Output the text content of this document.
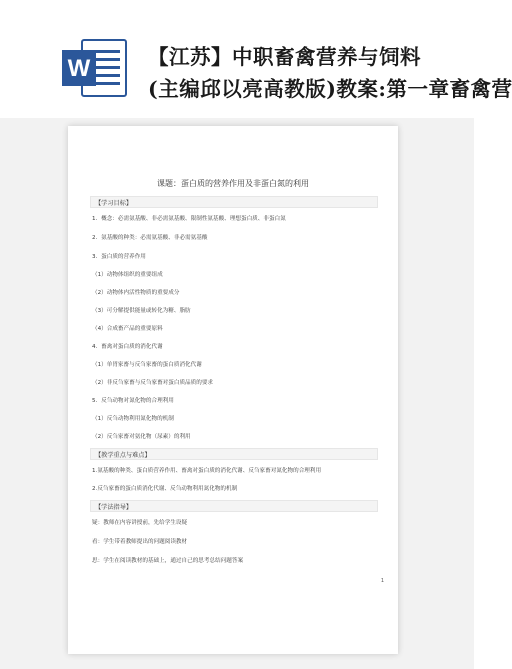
W	【江苏】中职畜禽营养与饲料
(主编邱以亮高教版)教案:第一章畜禽营
课题：蛋白质的营养作用及非蛋白氮的利用
【学习目标】
1．概念：必需氨基酸、非必需氨基酸、限制性氨基酸、理想蛋白质、非蛋白氮
2．氨基酸的种类：必需氨基酸、非必需氨基酸
3．蛋白质的营养作用
（1）动物体组织的重要组成
（2）动物体内活性物质的重要成分
（3）可分解提供能量或转化为糖、脂肪
（4）合成畜产品的重要原料
4．畜禽对蛋白质的消化代谢
（1）单胃家畜与反刍家畜的蛋白质消化代谢
（2）非反刍家畜与反刍家畜对蛋白质品质的要求
5．反刍动物对氮化物的合理利用
（1）反刍动物利用氮化物的机制
（2）反刍家畜对氨化物（尿素）的利用
【教学重点与难点】
1.氨基酸的种类、蛋白质营养作用、畜禽对蛋白质的消化代谢、反刍家畜对氮化物的合理利用
2.反刍家畜的蛋白质消化代谢、反刍动物利用氮化物的机制
【学法指导】
疑：教师在内容讲授前，先给学生设疑
看：学生带着教师提出的问题阅读教材
思：学生在阅读教材的基础上，通过自己的思考总结问题答案
1
